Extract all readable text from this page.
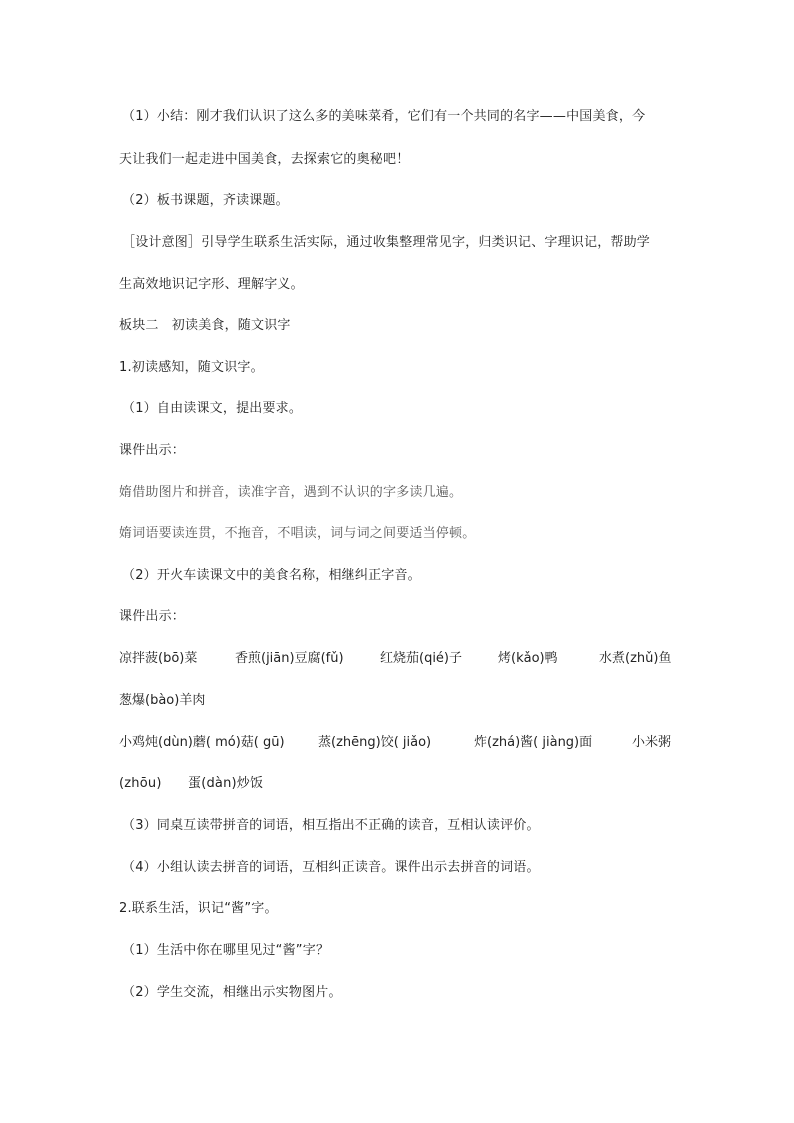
（1）小结：刚才我们认识了这么多的美味菜肴，它们有一个共同的名字——中国美食，今
天让我们一起走进中国美食，去探索它的奥秘吧！
（2）板书课题，齐读课题。
［设计意图］引导学生联系生活实际，通过收集整理常见字，归类识记、字理识记，帮助学
生高效地识记字形、理解字义。
板块二　初读美食，随文识字
1.初读感知，随文识字。
（1）自由读课文，提出要求。
课件出示：
媠借助图片和拼音，读准字音，遇到不认识的字多读几遍。
媠词语要读连贯，不拖音，不唱读，词与词之间要适当停顿。
（2）开火车读课文中的美食名称，相继纠正字音。
课件出示：
凉拌菠(bō)菜	香煎(jiān)豆腐(fǔ)	红烧茄(qié)子	烤(kǎo)鸭	水煮(zhǔ)鱼
葱爆(bào)羊肉
小鸡炖(dùn)蘑( mó)菇( gū)	蒸(zhēng)饺( jiǎo)	炸(zhá)酱( jiàng)面	小米粥
(zhōu)　　蛋(dàn)炒饭
（3）同桌互读带拼音的词语，相互指出不正确的读音，互相认读评价。
（4）小组认读去拼音的词语，互相纠正读音。课件出示去拼音的词语。
2.联系生活，识记“酱”字。
（1）生活中你在哪里见过“酱”字？
（2）学生交流，相继出示实物图片。
